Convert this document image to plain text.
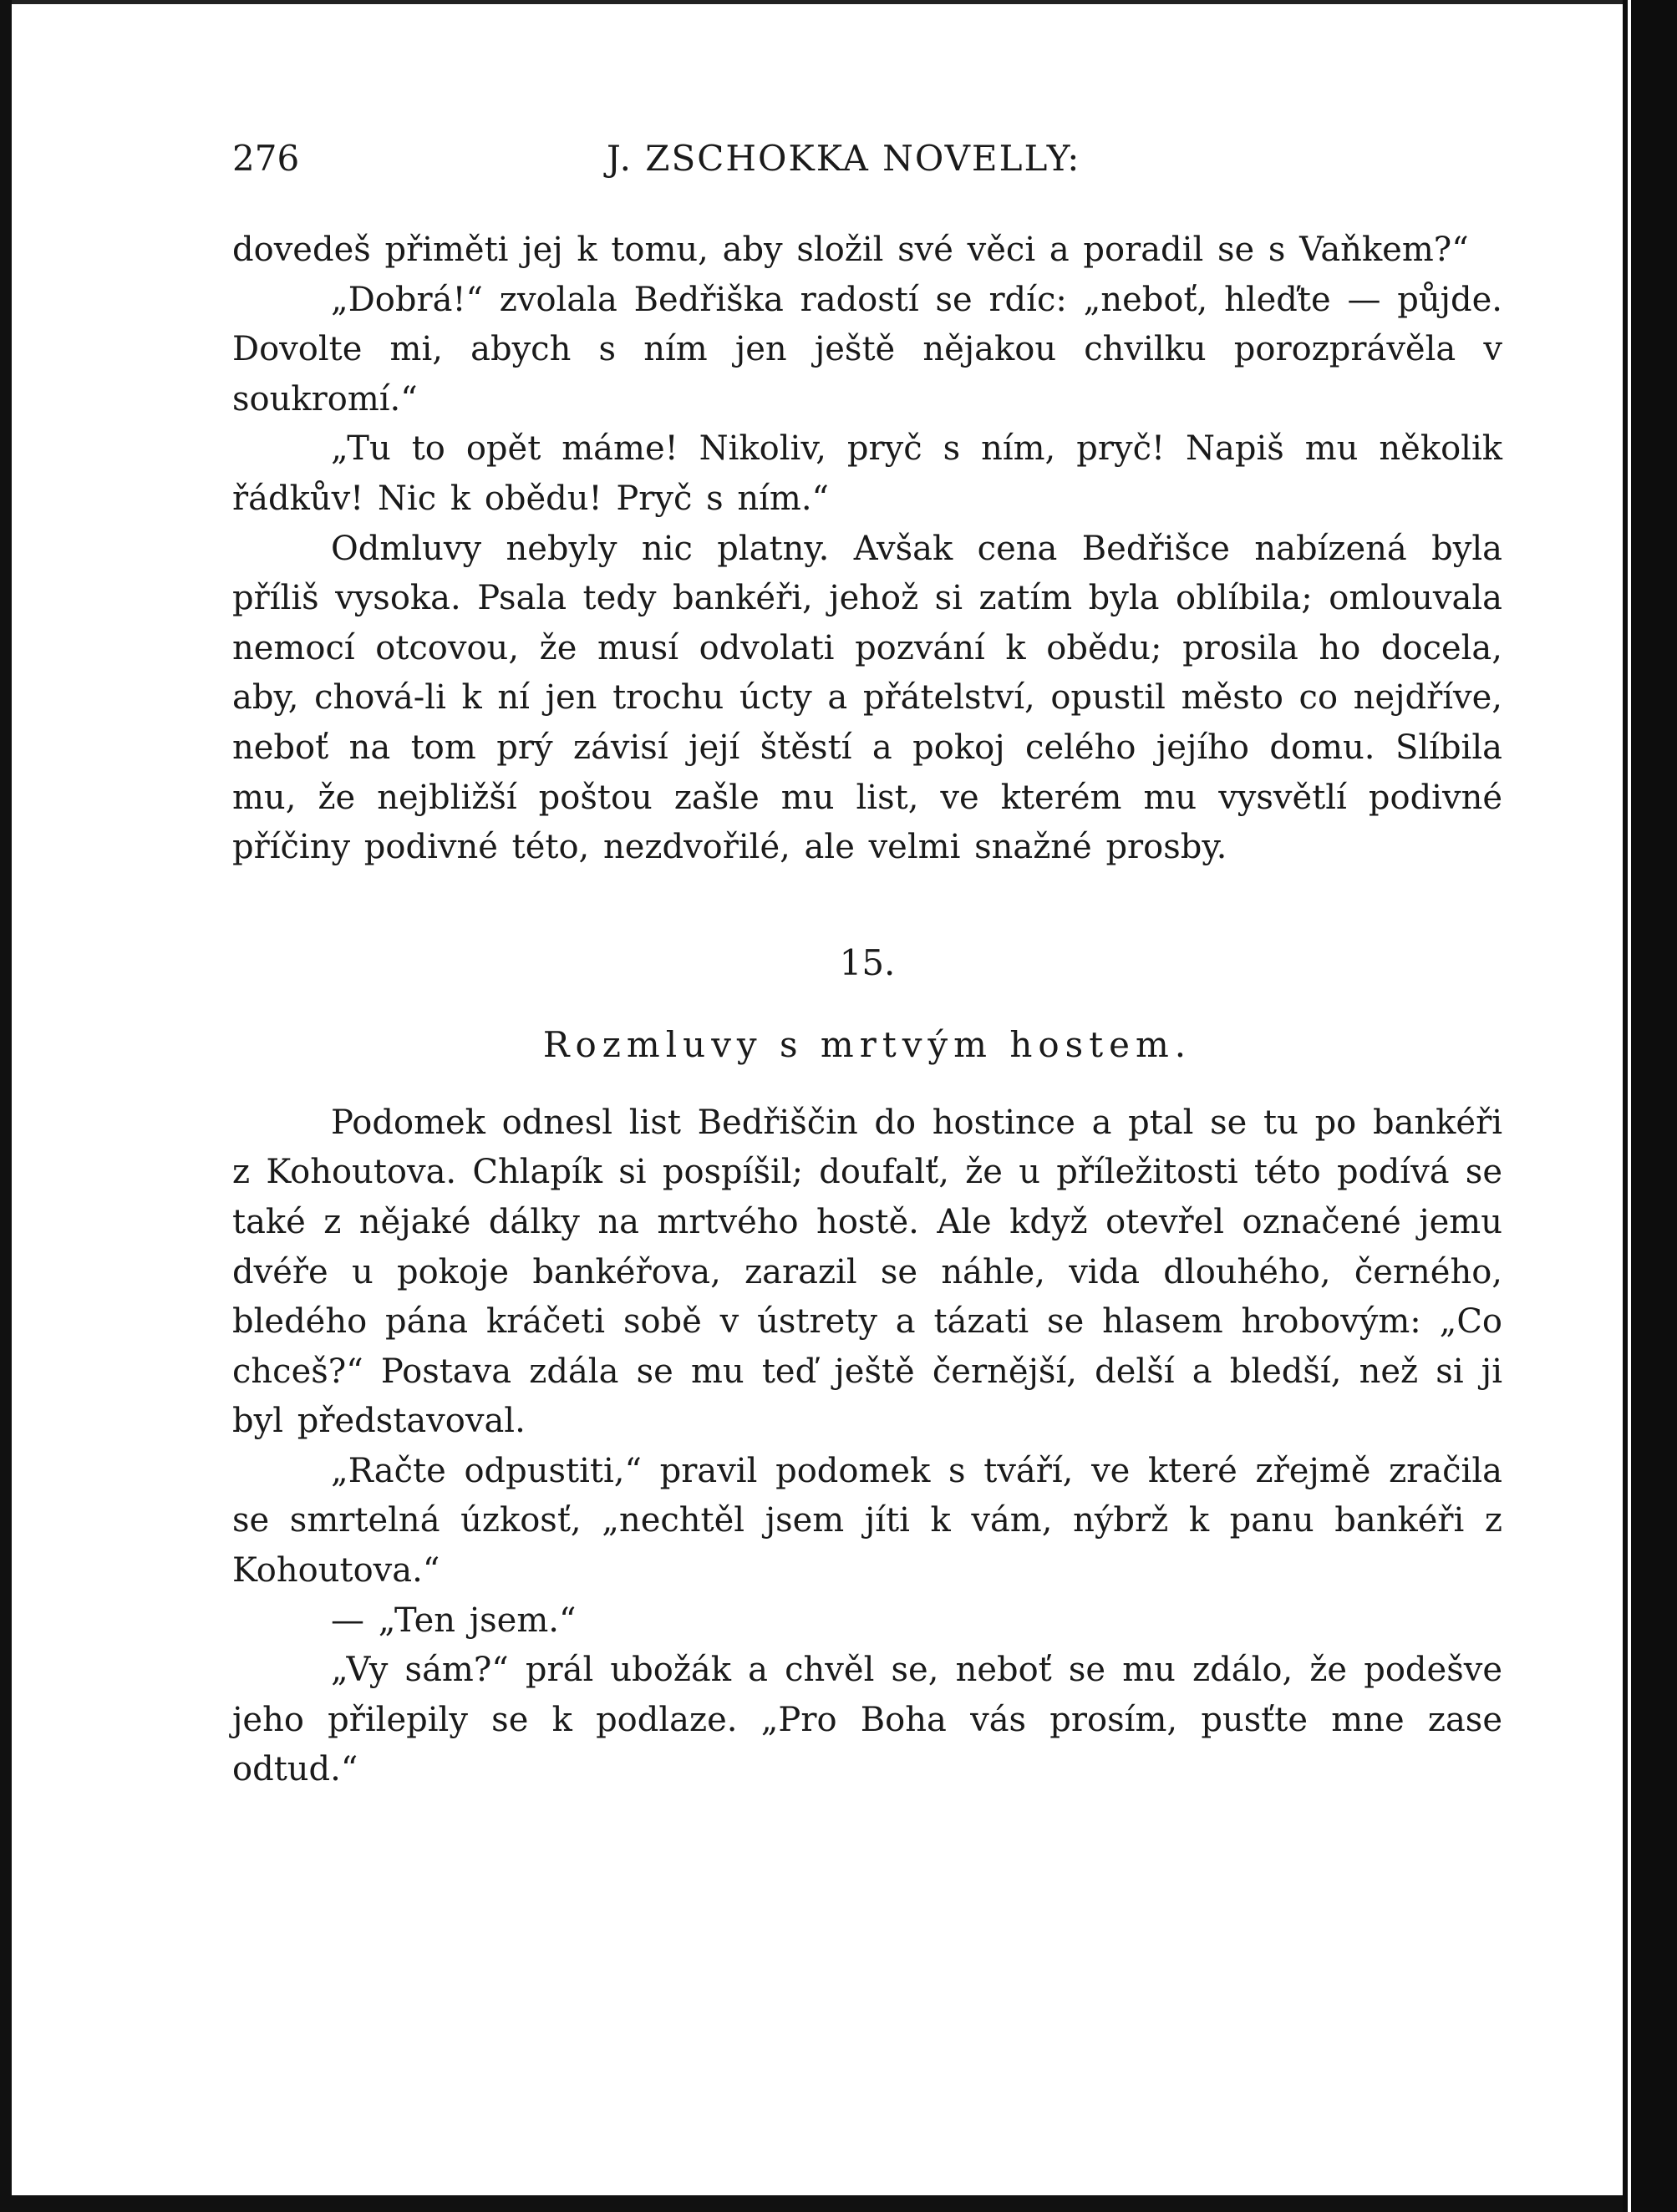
276	J. ZSCHOKKA NOVELLY:

dovedeš přiměti jej k tomu, aby složil své věci a poradil se s Vaňkem?“

„Dobrá!“ zvolala Bedřiška radostí se rdíc: „neboť, hleďte — půjde. Dovolte mi, abych s ním jen ještě nějakou chvilku porozprávěla v soukromí.“

„Tu to opět máme! Nikoliv, pryč s ním, pryč! Napiš mu několik řádkův! Nic k obědu! Pryč s ním.“

Odmluvy nebyly nic platny. Avšak cena Bedřišce nabízená byla příliš vysoka. Psala tedy bankéři, jehož si zatím byla oblíbila; omlouvala nemocí otcovou, že musí odvolati pozvání k obědu; prosila ho docela, aby, chová-li k ní jen trochu úcty a přátelství, opustil město co nejdříve, neboť na tom prý závisí její štěstí a pokoj celého jejího domu. Slíbila mu, že nejbližší poštou zašle mu list, ve kterém mu vysvětlí podivné příčiny podivné této, nezdvořilé, ale velmi snažné prosby.

15.
Rozmluvy s mrtvým hostem.

Podomek odnesl list Bedřiščin do hostince a ptal se tu po bankéři z Kohoutova. Chlapík si pospíšil; doufalť, že u příležitosti této podívá se také z nějaké dálky na mrtvého hostě. Ale když otevřel označené jemu dvéře u pokoje bankéřova, zarazil se náhle, vida dlouhého, černého, bledého pána kráčeti sobě v ústrety a tázati se hlasem hrobovým: „Co chceš?“ Postava zdála se mu teď ještě černější, delší a bledší, než si ji byl představoval.

„Račte odpustiti,“ pravil podomek s tváří, ve které zřejmě zračila se smrtelná úzkosť, „nechtěl jsem jíti k vám, nýbrž k panu bankéři z Kohoutova.“

— „Ten jsem.“

„Vy sám?“ prál ubožák a chvěl se, neboť se mu zdálo, že podešve jeho přilepily se k podlaze. „Pro Boha vás prosím, pusťte mne zase odtud.“
